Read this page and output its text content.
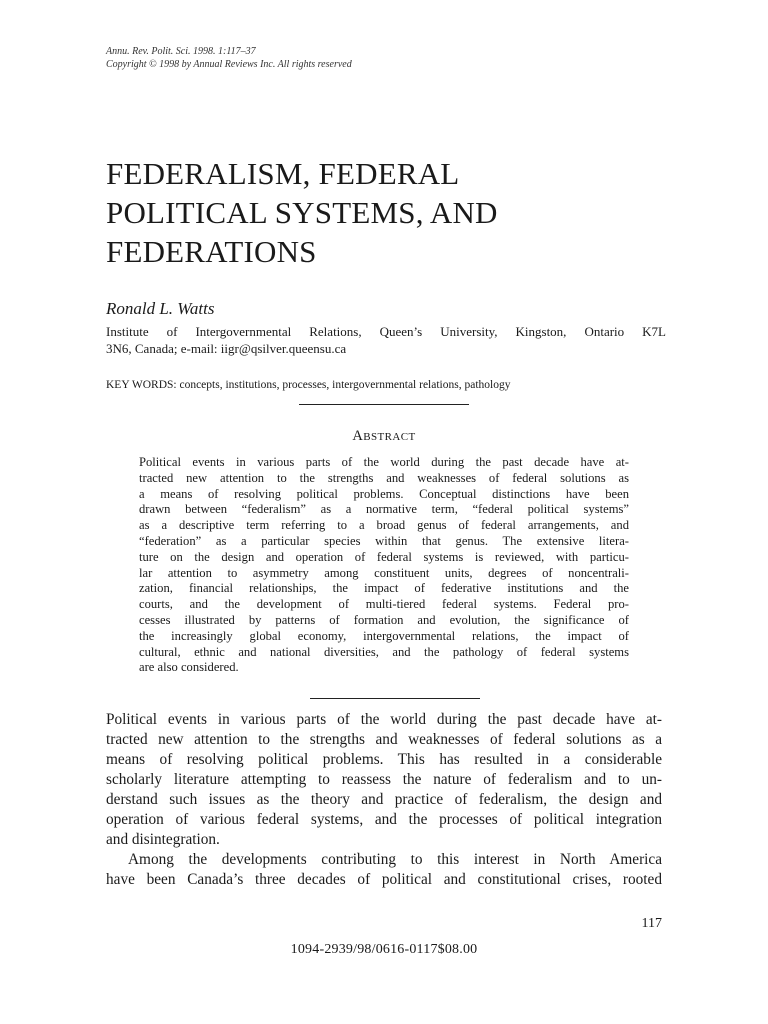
Annu. Rev. Polit. Sci. 1998. 1:117–37
Copyright © 1998 by Annual Reviews Inc. All rights reserved
FEDERALISM, FEDERAL
POLITICAL SYSTEMS, AND
FEDERATIONS
Ronald L. Watts
Institute of Intergovernmental Relations, Queen’s University, Kingston, Ontario K7L
3N6, Canada; e-mail: iigr@qsilver.queensu.ca
KEY WORDS: concepts, institutions, processes, intergovernmental relations, pathology
ABSTRACT
Political events in various parts of the world during the past decade have at-
tracted new attention to the strengths and weaknesses of federal solutions as
a means of resolving political problems. Conceptual distinctions have been
drawn between “federalism” as a normative term, “federal political systems”
as a descriptive term referring to a broad genus of federal arrangements, and
“federation” as a particular species within that genus. The extensive litera-
ture on the design and operation of federal systems is reviewed, with particu-
lar attention to asymmetry among constituent units, degrees of noncentrali-
zation, financial relationships, the impact of federative institutions and the
courts, and the development of multi-tiered federal systems. Federal pro-
cesses illustrated by patterns of formation and evolution, the significance of
the increasingly global economy, intergovernmental relations, the impact of
cultural, ethnic and national diversities, and the pathology of federal systems
are also considered.
Political events in various parts of the world during the past decade have at-
tracted new attention to the strengths and weaknesses of federal solutions as a
means of resolving political problems. This has resulted in a considerable
scholarly literature attempting to reassess the nature of federalism and to un-
derstand such issues as the theory and practice of federalism, the design and
operation of various federal systems, and the processes of political integration
and disintegration.
Among the developments contributing to this interest in North America
have been Canada’s three decades of political and constitutional crises, rooted
117
1094-2939/98/0616-0117$08.00
